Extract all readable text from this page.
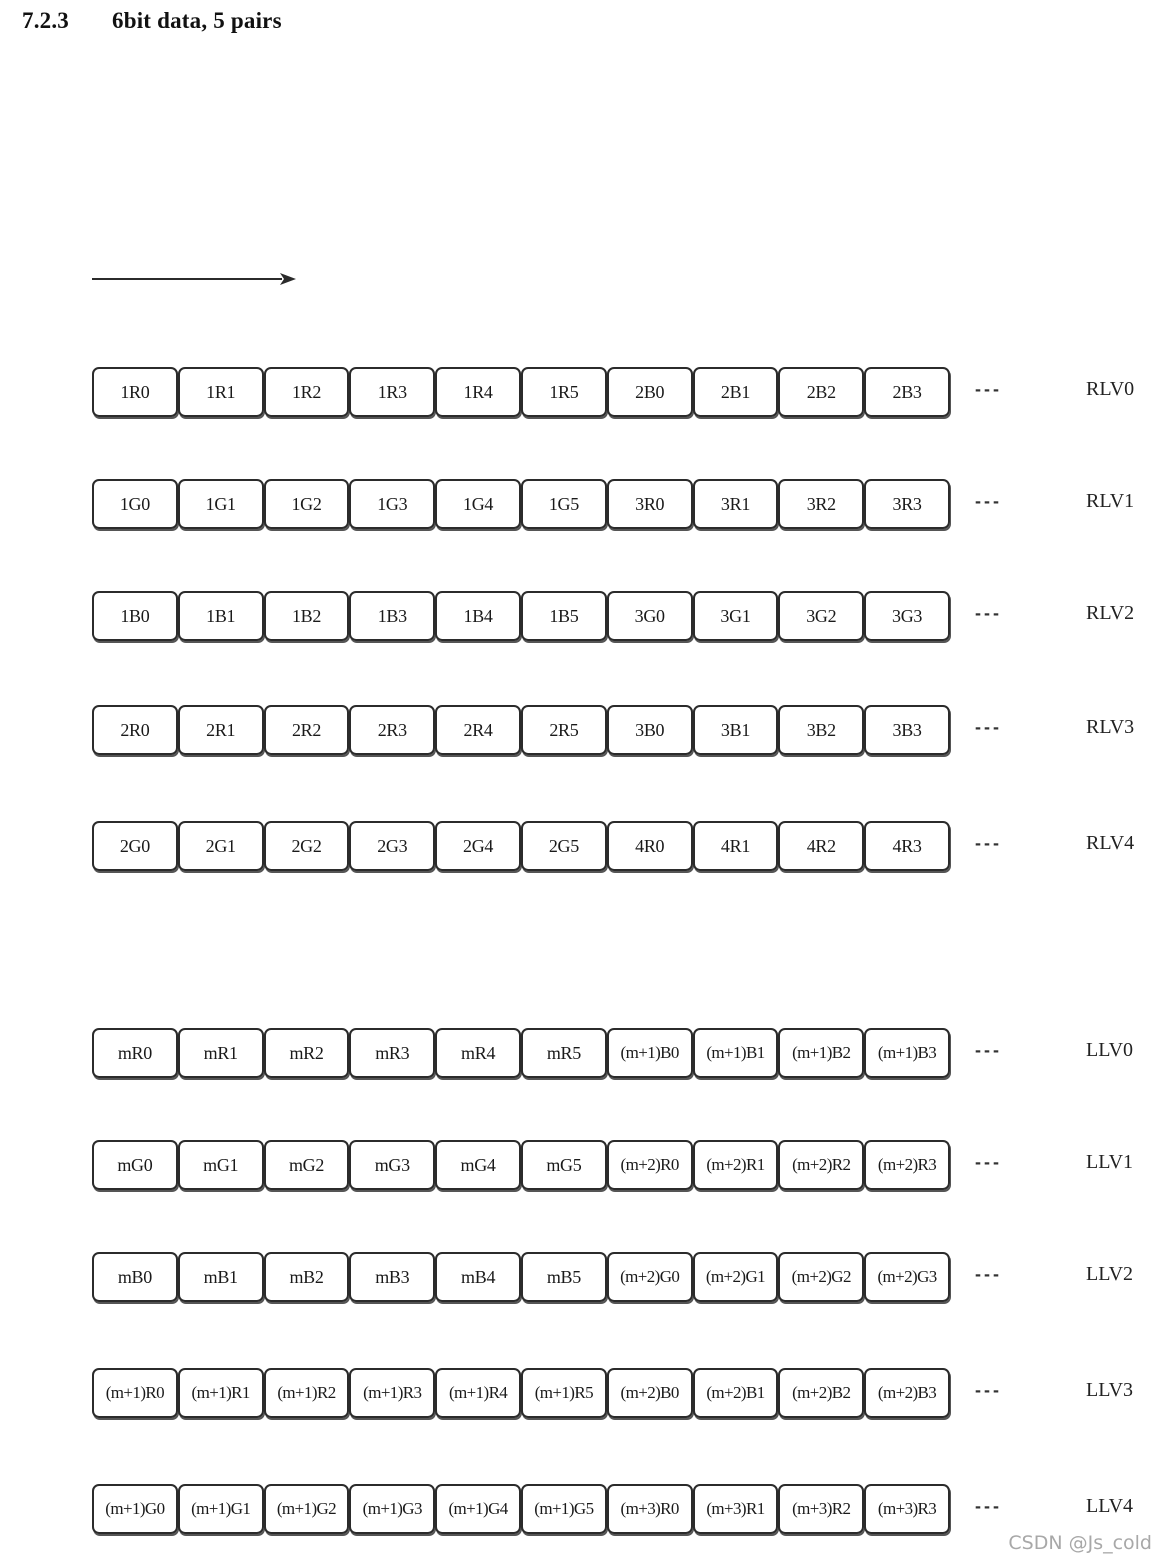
7.2.3 6bit data, 5 pairs
1R0	1R1	1R2	1R3	1R4	1R5	2B0	2B1	2B2	2B3	---	RLV0
1G0	1G1	1G2	1G3	1G4	1G5	3R0	3R1	3R2	3R3	---	RLV1
1B0	1B1	1B2	1B3	1B4	1B5	3G0	3G1	3G2	3G3	---	RLV2
2R0	2R1	2R2	2R3	2R4	2R5	3B0	3B1	3B2	3B3	---	RLV3
2G0	2G1	2G2	2G3	2G4	2G5	4R0	4R1	4R2	4R3	---	RLV4
mR0	mR1	mR2	mR3	mR4	mR5	(m+1)B0	(m+1)B1	(m+1)B2	(m+1)B3	---	LLV0
mG0	mG1	mG2	mG3	mG4	mG5	(m+2)R0	(m+2)R1	(m+2)R2	(m+2)R3	---	LLV1
mB0	mB1	mB2	mB3	mB4	mB5	(m+2)G0	(m+2)G1	(m+2)G2	(m+2)G3	---	LLV2
(m+1)R0	(m+1)R1	(m+1)R2	(m+1)R3	(m+1)R4	(m+1)R5	(m+2)B0	(m+2)B1	(m+2)B2	(m+2)B3	---	LLV3
(m+1)G0	(m+1)G1	(m+1)G2	(m+1)G3	(m+1)G4	(m+1)G5	(m+3)R0	(m+3)R1	(m+3)R2	(m+3)R3	---	LLV4
CSDN @Js_cold
